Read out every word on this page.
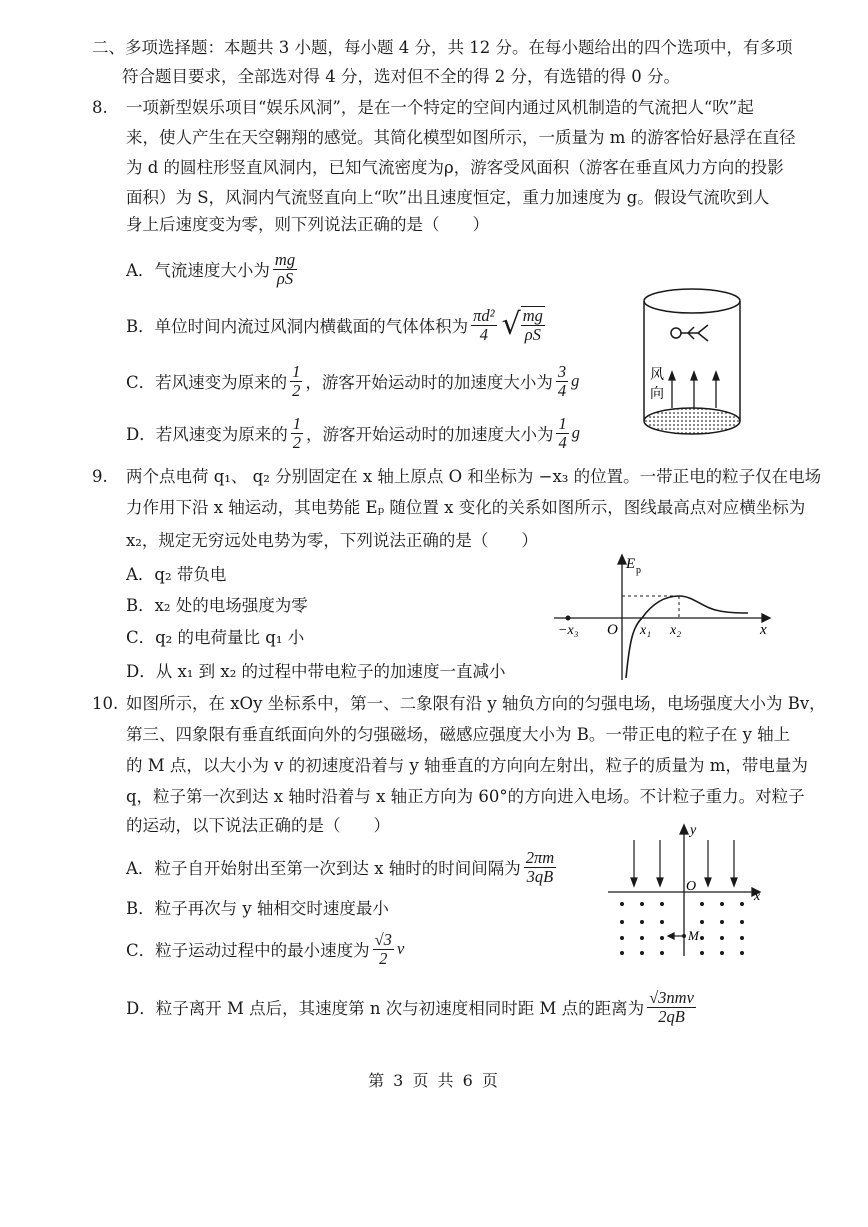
二、多项选择题：本题共 3 小题，每小题 4 分，共 12 分。在每小题给出的四个选项中，有多项
符合题目要求，全部选对得 4 分，选对但不全的得 2 分，有选错的得 0 分。
8. 一项新型娱乐项目“娱乐风洞”，是在一个特定的空间内通过风机制造的气流把人“吹”起
来，使人产生在天空翱翔的感觉。其简化模型如图所示，一质量为 m 的游客恰好悬浮在直径
为 d 的圆柱形竖直风洞内，已知气流密度为ρ，游客受风面积（游客在垂直风力方向的投影
面积）为 S，风洞内气流竖直向上“吹”出且速度恒定，重力加速度为 g。假设气流吹到人
身上后速度变为零，则下列说法正确的是（　　）
A．气流速度大小为 $\frac{mg}{\rho S}$
B．单位时间内流过风洞内横截面的气体体积为 $\frac{\text{πd²}}{4}$ √ $\frac{mg}{\rho S}$
C．若风速变为原来的 $\frac{1}{2}$ ，游客开始运动时的加速度大小为 $\frac{3}{4}$ g
D．若风速变为原来的 $\frac{1}{2}$ ，游客开始运动时的加速度大小为 $\frac{1}{4}$ g
风
向
9. 两个点电荷 q₁、 q₂ 分别固定在 x 轴上原点 O 和坐标为 −x₃ 的位置。一带正电的粒子仅在电场
力作用下沿 x 轴运动，其电势能 Eₚ 随位置 x 变化的关系如图所示，图线最高点对应横坐标为
x₂，规定无穷远处电势为零，下列说法正确的是（　　）
A．q₂ 带负电
B．x₂ 处的电场强度为零
C．q₂ 的电荷量比 q₁ 小
D．从 x₁ 到 x₂ 的过程中带电粒子的加速度一直减小
E p
x
O x₁ x₂
−x₃
10. 如图所示，在 xOy 坐标系中，第一、二象限有沿 y 轴负方向的匀强电场，电场强度大小为 Bv，
第三、四象限有垂直纸面向外的匀强磁场，磁感应强度大小为 B。一带正电的粒子在 y 轴上
的 M 点，以大小为 v 的初速度沿着与 y 轴垂直的方向向左射出，粒子的质量为 m，带电量为
q，粒子第一次到达 x 轴时沿着与 x 轴正方向为 60°的方向进入电场。不计粒子重力。对粒子
的运动，以下说法正确的是（　　）
A．粒子自开始射出至第一次到达 x 轴时的时间间隔为 $\frac{2\pi m}{3qB}$
B．粒子再次与 y 轴相交时速度最小
C．粒子运动过程中的最小速度为 $\frac{√3}{2}$ v
D．粒子离开 M 点后，其速度第 n 次与初速度相同时距 M 点的距离为 $\frac{\text{√3nmv}}{2qB}$
y
x
O
M
第 3 页 共 6 页
